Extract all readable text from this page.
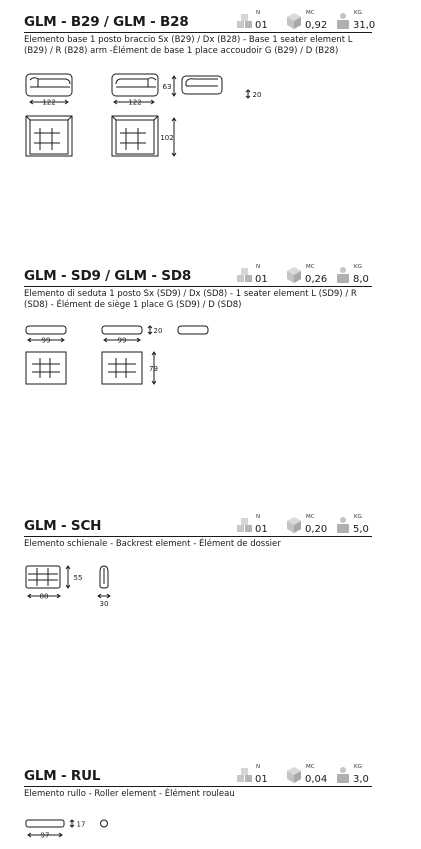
GLM - B29 / GLM - B28
N
01
MC
0,92
KG
31,0
Elemento base 1 posto braccio Sx (B29) / Dx (B28) - Base 1 seater element L (B29) / R (B28) arm -Élément de base 1 place accoudoir G (B29) / D (B28)
122	122
63
20
102
GLM - SD9 / GLM - SD8
N
01
MC
0,26
KG
8,0
Elemento di seduta 1 posto Sx (SD9) / Dx (SD8) - 1 seater element L (SD9) / R (SD8) - Élément de siège 1 place G (SD9) / D (SD8)
99	99
20
79
GLM - SCH
N
01
MC
0,20
KG
5,0
Elemento schienale - Backrest element - Élément de dossier
88
55
30
GLM - RUL
N
01
MC
0,04
KG
3,0
Elemento rullo - Roller element - Élément rouleau
97
17
